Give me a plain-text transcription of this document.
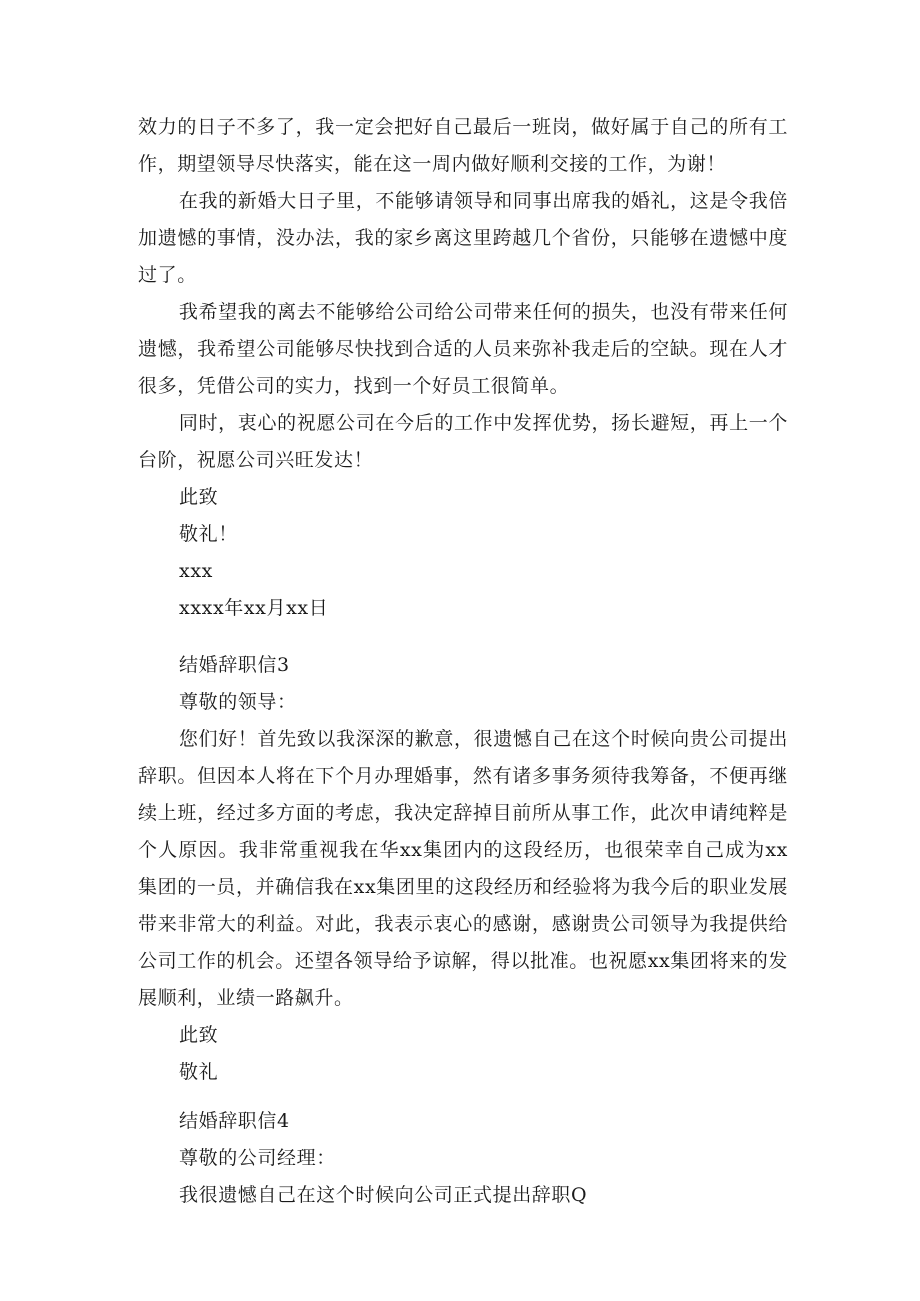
效力的日子不多了，我一定会把好自己最后一班岗，做好属于自己的所有工作，期望领导尽快落实，能在这一周内做好顺利交接的工作，为谢！

在我的新婚大日子里，不能够请领导和同事出席我的婚礼，这是令我倍加遗憾的事情，没办法，我的家乡离这里跨越几个省份，只能够在遗憾中度过了。

我希望我的离去不能够给公司给公司带来任何的损失，也没有带来任何遗憾，我希望公司能够尽快找到合适的人员来弥补我走后的空缺。现在人才很多，凭借公司的实力，找到一个好员工很简单。

同时，衷心的祝愿公司在今后的工作中发挥优势，扬长避短，再上一个台阶，祝愿公司兴旺发达！

此致

敬礼！

xxx

xxxx年xx月xx日

结婚辞职信3

尊敬的领导：

您们好！首先致以我深深的歉意，很遗憾自己在这个时候向贵公司提出辞职。但因本人将在下个月办理婚事，然有诸多事务须待我筹备，不便再继续上班，经过多方面的考虑，我决定辞掉目前所从事工作，此次申请纯粹是个人原因。我非常重视我在华xx集团内的这段经历，也很荣幸自己成为xx集团的一员，并确信我在xx集团里的这段经历和经验将为我今后的职业发展带来非常大的利益。对此，我表示衷心的感谢，感谢贵公司领导为我提供给公司工作的机会。还望各领导给予谅解，得以批准。也祝愿xx集团将来的发展顺利，业绩一路飙升。

此致

敬礼

结婚辞职信4

尊敬的公司经理：

我很遗憾自己在这个时候向公司正式提出辞职Q
